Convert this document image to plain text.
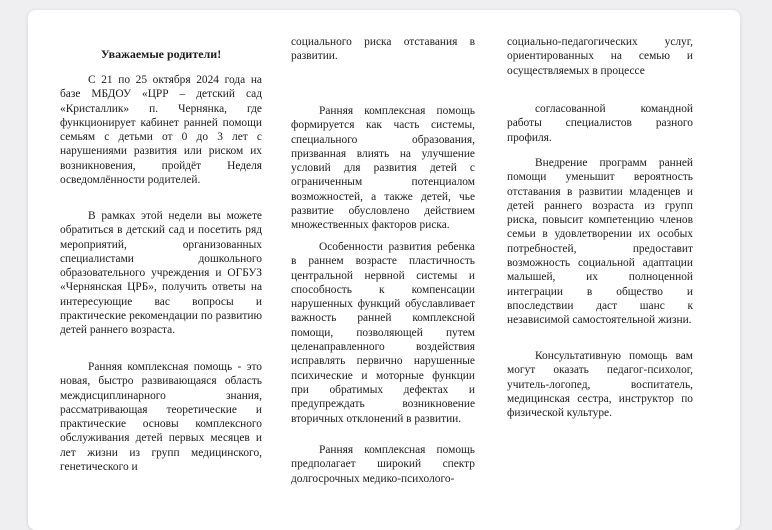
Уважаемые родители!

С 21 по 25 октября 2024 года на базе МБДОУ «ЦРР – детский сад «Кристаллик» п. Чернянка, где функционирует кабинет ранней помощи семьям с детьми от 0 до 3 лет с нарушениями развития или риском их возникновения, пройдёт Неделя осведомлённости родителей.

В рамках этой недели вы можете обратиться в детский сад и посетить ряд мероприятий, организованных специалистами дошкольного образовательного учреждения и ОГБУЗ «Чернянская ЦРБ», получить ответы на интересующие вас вопросы и практические рекомендации по развитию детей раннего возраста.

Ранняя комплексная помощь - это новая, быстро развивающаяся область междисциплинарного знания, рассматривающая теоретические и практические основы комплексного обслуживания детей первых месяцев и лет жизни из групп медицинского, генетического и

социального риска отставания в развитии.

Ранняя комплексная помощь формируется как часть системы, специального образования, призванная влиять на улучшение условий для развития детей с ограниченным потенциалом возможностей, а также детей, чье развитие обусловлено действием множественных факторов риска.

Особенности развития ребенка в раннем возрасте пластичность центральной нервной системы и способность к компенсации нарушенных функций обуславливает важность ранней комплексной помощи, позволяющей путем целенаправленного воздействия исправлять первично нарушенные психические и моторные функции при обратимых дефектах и предупреждать возникновение вторичных отклонений в развитии.

Ранняя комплексная помощь предполагает широкий спектр долгосрочных медико-психолого-

социально-педагогических услуг, ориентированных на семью и осуществляемых в процессе

согласованной командной работы специалистов разного профиля.

Внедрение программ ранней помощи уменьшит вероятность отставания в развитии младенцев и детей раннего возраста из групп риска, повысит компетенцию членов семьи в удовлетворении их особых потребностей, предоставит возможность социальной адаптации малышей, их полноценной интеграции в общество и впоследствии даст шанс к независимой самостоятельной жизни.

Консультативную помощь вам могут оказать педагог-психолог, учитель-логопед, воспитатель, медицинская сестра, инструктор по физической культуре.
